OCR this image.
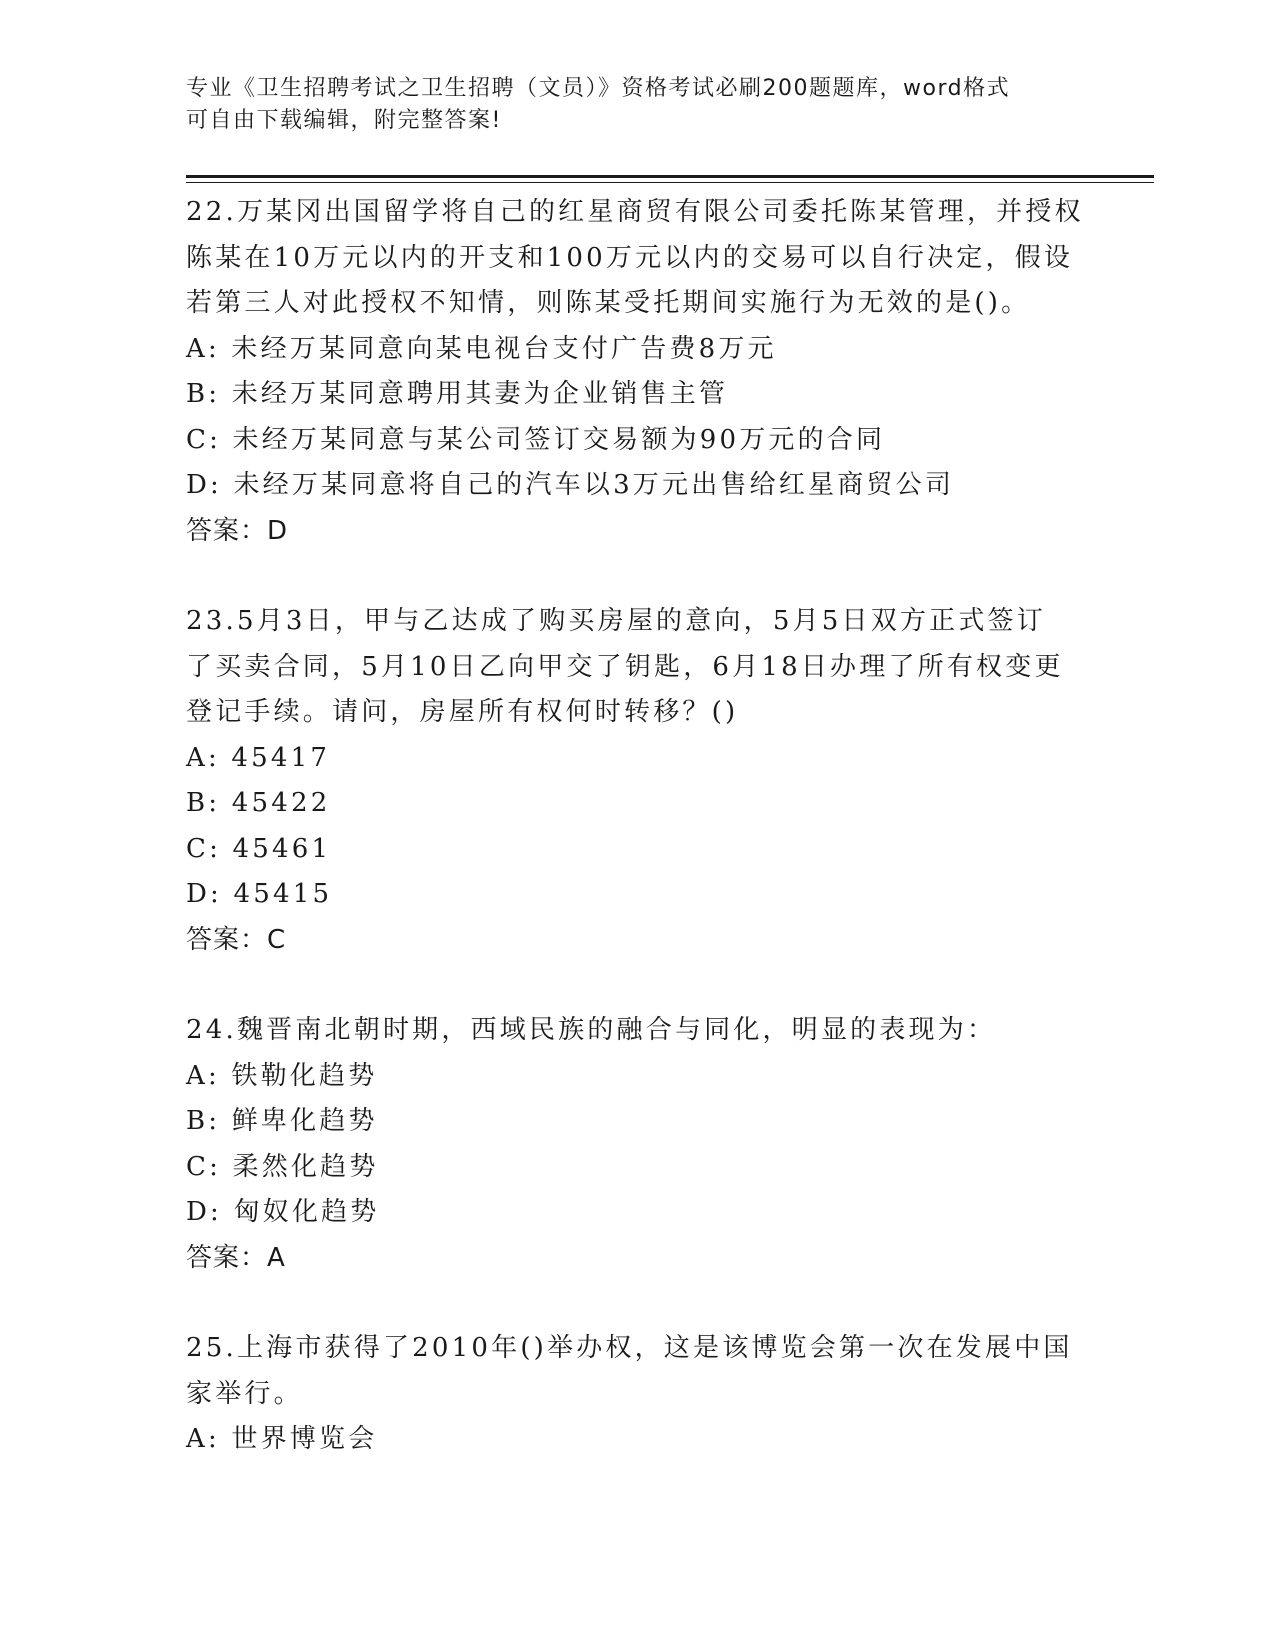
专业《卫生招聘考试之卫生招聘（文员）》资格考试必刷200题题库，word格式
可自由下载编辑，附完整答案!

22.万某冈出国留学将自己的红星商贸有限公司委托陈某管理，并授权

陈某在10万元以内的开支和100万元以内的交易可以自行决定，假设

若第三人对此授权不知情，则陈某受托期间实施行为无效的是()。

A: 未经万某同意向某电视台支付广告费8万元

B: 未经万某同意聘用其妻为企业销售主管

C: 未经万某同意与某公司签订交易额为90万元的合同

D: 未经万某同意将自己的汽车以3万元出售给红星商贸公司

答案：D

23.5月3日，甲与乙达成了购买房屋的意向，5月5日双方正式签订

了买卖合同，5月10日乙向甲交了钥匙，6月18日办理了所有权变更

登记手续。请问，房屋所有权何时转移？()

A: 45417

B: 45422

C: 45461

D: 45415

答案：C

24.魏晋南北朝时期，西域民族的融合与同化，明显的表现为：

A: 铁勒化趋势

B: 鲜卑化趋势

C: 柔然化趋势

D: 匈奴化趋势

答案：A

25.上海市获得了2010年()举办权，这是该博览会第一次在发展中国

家举行。

A: 世界博览会
